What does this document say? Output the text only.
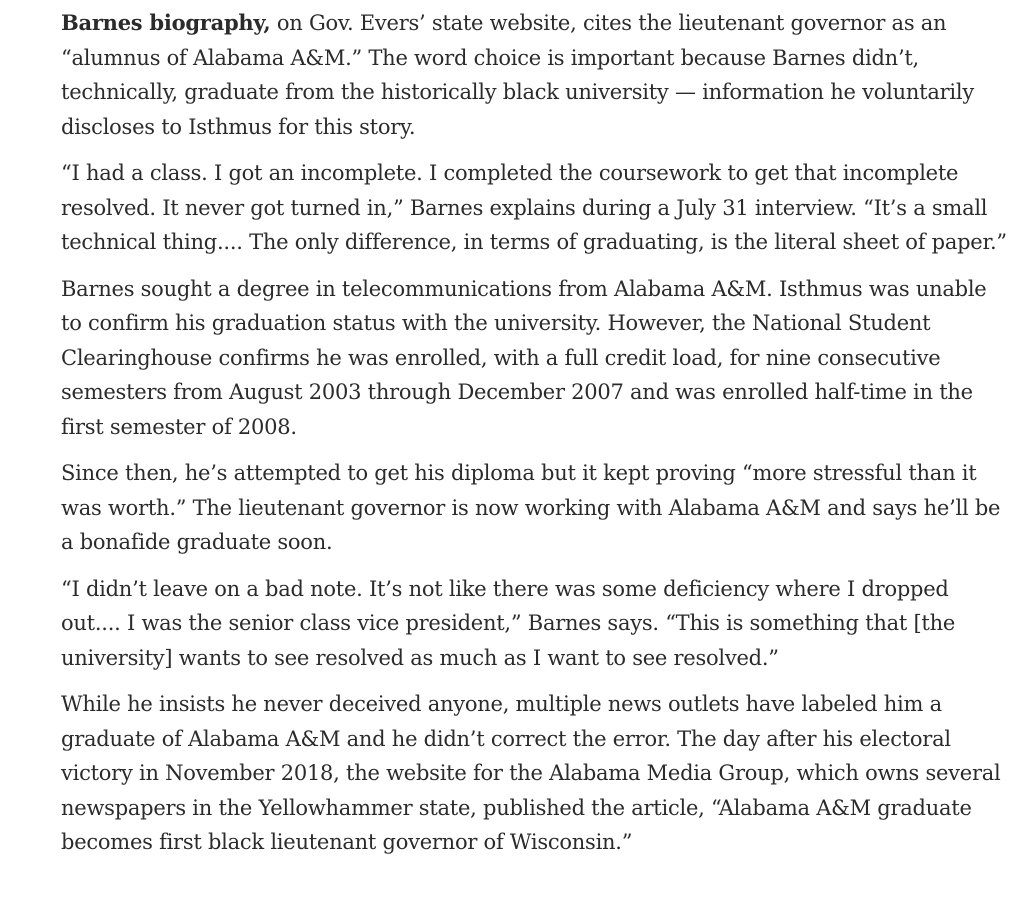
Barnes biography, on Gov. Evers’ state website, cites the lieutenant governor as an “alumnus of Alabama A&M.” The word choice is important because Barnes didn’t, technically, graduate from the historically black university — information he voluntarily discloses to Isthmus for this story.

“I had a class. I got an incomplete. I completed the coursework to get that incomplete resolved. It never got turned in,” Barnes explains during a July 31 interview. “It’s a small technical thing.... The only difference, in terms of graduating, is the literal sheet of paper.”

Barnes sought a degree in telecommunications from Alabama A&M. Isthmus was unable to confirm his graduation status with the university. However, the National Student Clearinghouse confirms he was enrolled, with a full credit load, for nine consecutive semesters from August 2003 through December 2007 and was enrolled half-time in the first semester of 2008.

Since then, he’s attempted to get his diploma but it kept proving “more stressful than it was worth.” The lieutenant governor is now working with Alabama A&M and says he’ll be a bonafide graduate soon.

“I didn’t leave on a bad note. It’s not like there was some deficiency where I dropped out.... I was the senior class vice president,” Barnes says. “This is something that [the university] wants to see resolved as much as I want to see resolved.”

While he insists he never deceived anyone, multiple news outlets have labeled him a graduate of Alabama A&M and he didn’t correct the error. The day after his electoral victory in November 2018, the website for the Alabama Media Group, which owns several newspapers in the Yellowhammer state, published the article, “Alabama A&M graduate becomes first black lieutenant governor of Wisconsin.”
